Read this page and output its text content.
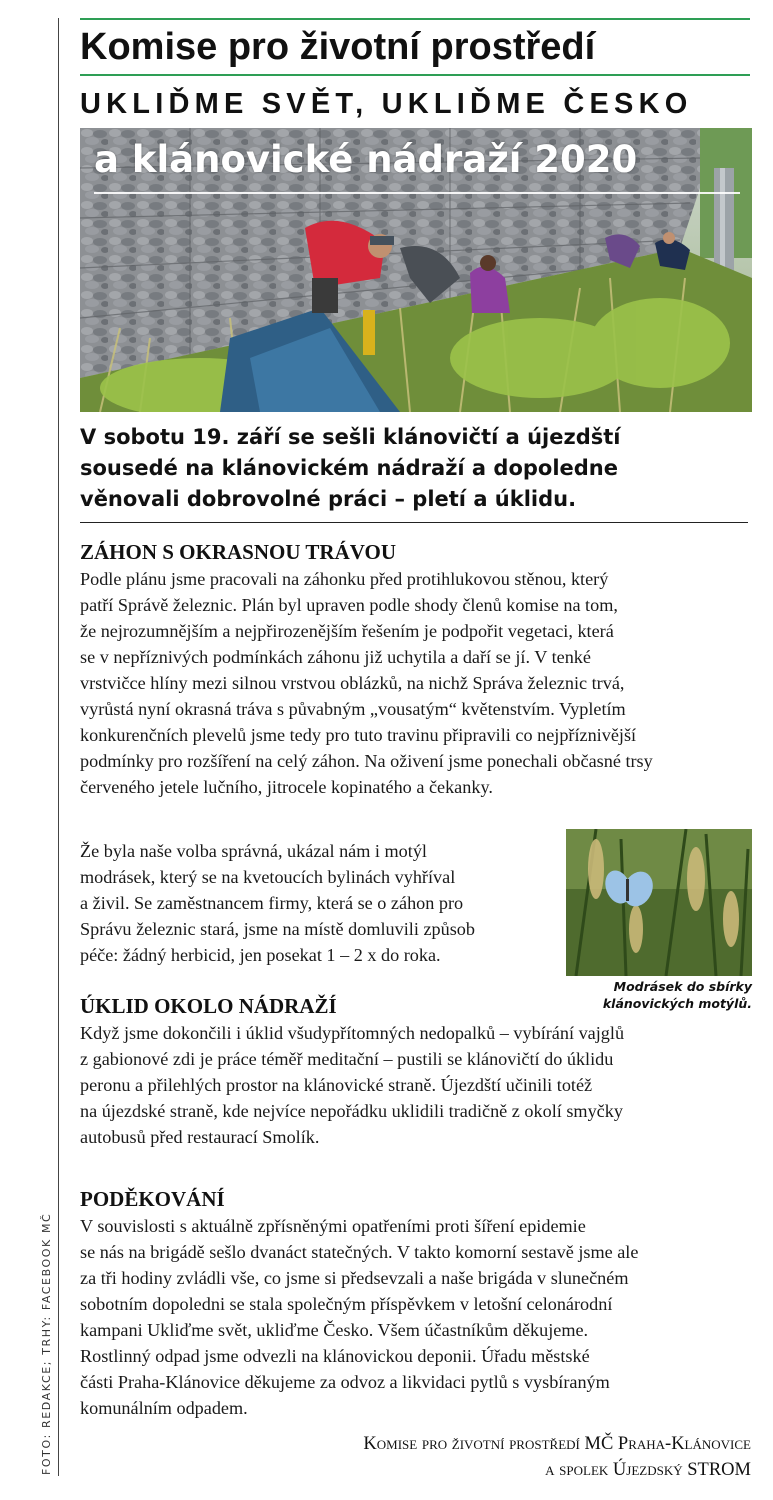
FOTO: REDAKCE; TRHY: FACEBOOK MČ
Komise pro životní prostředí
UKLIĎME SVĚT, UKLIĎME ČESKO
a klánovické nádraží 2020
V sobotu 19. září se sešli klánovičtí a újezdští
sousedé na klánovickém nádraží a dopoledne
věnovali dobrovolné práci – pletí a úklidu.
ZÁHON S OKRASNOU TRÁVOU
Podle plánu jsme pracovali na záhonku před protihlukovou stěnou, který
patří Správě železnic. Plán byl upraven podle shody členů komise na tom,
že nejrozumnějším a nejpřirozenějším řešením je podpořit vegetaci, která
se v nepříznivých podmínkách záhonu již uchytila a daří se jí. V tenké
vrstvičce hlíny mezi silnou vrstvou oblázků, na nichž Správa železnic trvá,
vyrůstá nyní okrasná tráva s půvabným „vousatým“ květenstvím. Vypletím
konkurenčních plevelů jsme tedy pro tuto travinu připravili co nejpříznivější
podmínky pro rozšíření na celý záhon. Na oživení jsme ponechali občasné trsy
červeného jetele lučního, jitrocele kopinatého a čekanky.
Že byla naše volba správná, ukázal nám i motýl
modrásek, který se na kvetoucích bylinách vyhříval
a živil. Se zaměstnancem firmy, která se o záhon pro
Správu železnic stará, jsme na místě domluvili způsob
péče: žádný herbicid, jen posekat 1 – 2 x do roka.
Modrásek do sbírky
klánovických motýlů.
ÚKLID OKOLO NÁDRAŽÍ
Když jsme dokončili i úklid všudypřítomných nedopalků – vybírání vajglů
z gabionové zdi je práce téměř meditační – pustili se klánovičtí do úklidu
peronu a přilehlých prostor na klánovické straně. Újezdští učinili totéž
na újezdské straně, kde nejvíce nepořádku uklidili tradičně z okolí smyčky
autobusů před restaurací Smolík.
PODĚKOVÁNÍ
V souvislosti s aktuálně zpřísněnými opatřeními proti šíření epidemie
se nás na brigádě sešlo dvanáct statečných. V takto komorní sestavě jsme ale
za tři hodiny zvládli vše, co jsme si předsevzali a naše brigáda v slunečném
sobotním dopoledni se stala společným příspěvkem v letošní celonárodní
kampani Ukliďme svět, ukliďme Česko. Všem účastníkům děkujeme.
Rostlinný odpad jsme odvezli na klánovickou deponii. Úřadu městské
části Praha-Klánovice děkujeme za odvoz a likvidaci pytlů s vysbíraným
komunálním odpadem.
Komise pro životní prostředí MČ Praha-Klánovice
a spolek Újezdský STROM
